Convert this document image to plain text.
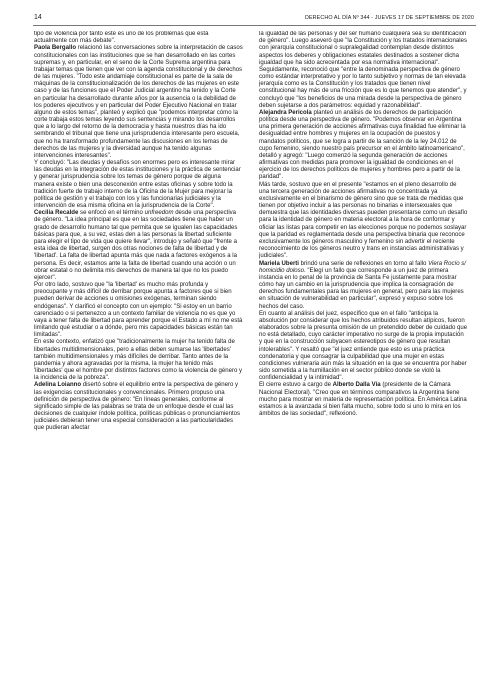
14	DERECHO AL DÍA Nº 344 - JUEVES 17 DE SEPTIEMBRE DE 2020

tipo de violencia por tanto este es uno de los problemas que está actualmente con más debate".

Paola Bergallo relacionó las conversaciones sobre la interpretación de casos constitucionales con las instituciones que se han desarrollado en las cortes supremas y, en particular, en el seno de la Corte Suprema argentina para trabajar temas que tienen que ver con la agenda constitucional y de derechos de las mujeres. "Todo este andamiaje constitucional es parte de la sala de máquinas de la constitucionalización de los derechos de las mujeres en este caso y de las funciones que el Poder Judicial argentino ha tenido y la Corte en particular ha desarrollado durante años por la ausencia o la debilidad de los poderes ejecutivos y en particular del Poder Ejecutivo Nacional en tratar alguno de estos temas", planteó y explicó que "podemos interpretar cómo la corte trabaja estos temas leyendo sus sentencias y mirando los desarrollos que a lo largo del retorno de la democracia y hasta nuestros días ha ido sembrando el tribunal que tiene una jurisprudencia interesante pero escuela, que no ha transformado profundamente las discusiones en los temas de derechos de las mujeres y la diversidad aunque ha tenido algunas intervenciones interesantes".

Y concluyó: "Las deudas y desafíos son enormes pero es interesante mirar las deudas en la integración de estas instituciones y la práctica de sentenciar y generar jurisprudencia sobre los temas de género porque de alguna manera existe o bien una desconexión entre estas oficinas y sobre todo la tradición fuerte de trabajo interno de la Oficina de la Mujer para mejorar la política de gestión y el trabajo con los y las funcionarias judiciales y la intervención de esa misma oficina en la jurisprudencia de la Corte".

Cecilia Recalde se enfocó en el término unfreedom desde una perspectiva de género. "La idea principal es que en las sociedades tiene que haber un grado de desarrollo humano tal que permita que se igualen las capacidades básicas para que, a su vez, estas den a las personas la libertad suficiente para elegir el tipo de vida que quiere llevar", introdujo y señaló que "frente a esta idea de libertad, surgen dos otras nociones de falta de libertad y de 'libertad'. La falta de libertad apunta más que nada a factores exógenos a la persona. Es decir, estamos ante la falta de libertad cuando una acción o un obrar estatal o no delimita mis derechos de manera tal que no los puedo ejercer".

Por otro lado, sostuvo que "la 'libertad' es mucho más profunda y preocupante y más difícil de derribar porque apunta a factores que si bien pueden derivar de acciones u omisiones exógenas, terminan siendo endógenas". Y clarificó el concepto con un ejemplo: "Si estoy en un barrio carenciado o si pertenezco a un contexto familiar de violencia no es que yo vaya a tener falta de libertad para aprender porque el Estado a mí no me está limitando qué estudiar o a dónde, pero mis capacidades básicas están tan limitadas".

En este contexto, enfatizó que "tradicionalmente la mujer ha tenido falta de libertades multidimensionales, pero a ellas deben sumarse las 'libertades' también multidimensionales y más difíciles de derribar. Tanto antes de la pandemia y ahora agravadas por la misma, la mujer ha tenido más 'libertades' que el hombre por distintos factores como la violencia de género y la incidencia de la pobreza".

Adelina Loianno disertó sobre el equilibrio entre la perspectiva de género y las exigencias constitucionales y convencionales. Primero propuso una definición de perspectiva de género: "En líneas generales, conforme al significado simple de las palabras se trata de un enfoque desde el cual las decisiones de cualquier índole política, políticas públicas o pronunciamientos judiciales debieran tener una especial consideración a las particularidades que pudieran afectar

la igualdad de las personas y del ser humano cualquiera sea su identificación de género". Luego aseveró que "la Constitución y los tratados internacionales con jerarquía constitucional o supralegalidad contemplan desde distintos aspectos los deberes y obligaciones estatales destinados a sostener dicha igualdad que ha sido acrecentada por esa normativa internacional".

Seguidamente, reconoció que "entre la denominada perspectiva de género como estándar interpretativo y por lo tanto subjetivo y normas de tan elevada jerarquía como es la Constitución y los tratados que tienen nivel constitucional hay más de una fricción que es lo que tenemos que atender", y concluyó que "los beneficios de una mirada desde la perspectiva de género deben sujetarse a dos parámetros: equidad y razonabilidad".

Alejandra Pericola planteó un análisis de los derechos de participación política desde una perspectiva de género. "Podemos observar en Argentina una primera generación de acciones afirmativas cuya finalidad fue eliminar la desigualdad entre hombres y mujeres en la ocupación de puestos y mandatos políticos, que se logra a partir de la sanción de la ley 24.012 de cupo femenino, siendo nuestro país precursor en el ámbito latinoamericano", detalló y agregó: "Luego comenzó la segunda generación de acciones afirmativas con medidas para promover la igualdad de condiciones en el ejercicio de los derechos políticos de mujeres y hombres pero a partir de la paridad".

Más tarde, sostuvo que en el presente "estamos en el pleno desarrollo de una tercera generación de acciones afirmativas no concentrada ya exclusivamente en el binarismo de género sino que se trata de medidas que tienen por objetivo incluir a las personas no binarias e intersexuales que demuestra que las identidades diversas pueden presentarse como un desafío para la identidad de género en materia electoral a la hora de conformar y oficiar las listas para competir en las elecciones porque no podemos soslayar que la paridad es reglamentada desde una perspectiva binaria que reconoce exclusivamente los géneros masculino y femenino sin advertir el reciente reconocimiento de los géneros neutro y trans en instancias administrativas y judiciales".

Mariela Uberti brindó una serie de reflexiones en torno al fallo Viera Rocío s/ homicidio doloso. "Elegí un fallo que corresponde a un juez de primera instancia en lo penal de la provincia de Santa Fe justamente para mostrar cómo hay un cambio en la jurisprudencia que implica la consagración de derechos fundamentales para las mujeres en general, pero para las mujeres en situación de vulnerabilidad en particular", expresó y expuso sobre los hechos del caso.

En cuanto al análisis del juez, específico que en el fallo "anticipa la absolución por considerar que los hechos atribuidos resultan atípicos, fueron elaborados sobre la presunta omisión de un pretendido deber de cuidado que no está detallado, cuyo carácter imperativo no surge de la propia imputación y que en la construcción subyacen estereotipos de género que resultan intolerables". Y resaltó que "el juez entiende que esto es una práctica condenatoria y que consagrar la culpabilidad que una mujer en estas condiciones vulneraria aún más la situación en la que se encuentra por haber sido sometida a la humillación en el sector público donde se violó la confidencialidad y la intimidad".

El cierre estuvo a cargo de Alberto Dalla Vía (presidente de la Cámara Nacional Electoral). "Creo que en términos comparativos la Argentina tiene mucho para mostrar en materia de representación política. En América Latina estamos a la avanzada si bien falta mucho, sobre todo si uno lo mira en los ámbitos de las sociedad", reflexionó.
